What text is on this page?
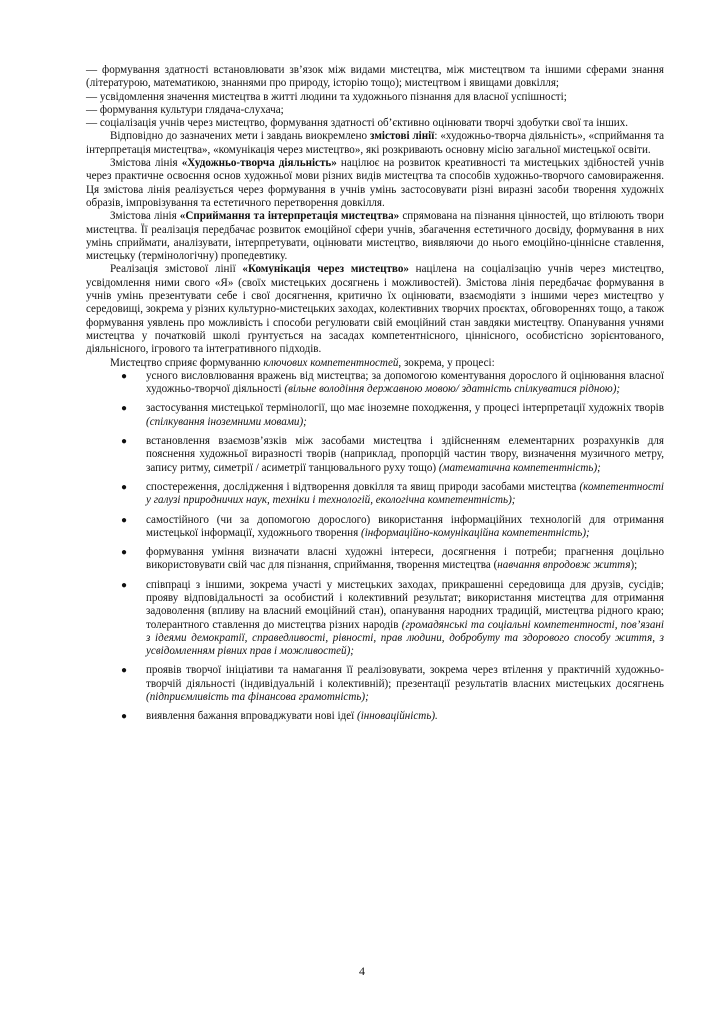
— формування здатності встановлювати зв’язок між видами мистецтва, між мистецтвом та іншими сферами знання (літературою, математикою, знаннями про природу, історію тощо); мистецтвом і явищами довкілля;

— усвідомлення значення мистецтва в житті людини та художнього пізнання для власної успішності;

— формування культури глядача-слухача;

— соціалізація учнів через мистецтво, формування здатності об’єктивно оцінювати творчі здобутки свої та інших.

Відповідно до зазначених мети і завдань виокремлено змістові лінії: «художньо-творча діяльність», «сприймання та інтерпретація мистецтва», «комунікація через мистецтво», які розкривають основну місію загальної мистецької освіти.

Змістова лінія «Художньо-творча діяльність» націлює на розвиток креативності та мистецьких здібностей учнів через практичне освоєння основ художньої мови різних видів мистецтва та способів художньо-творчого самовираження. Ця змістова лінія реалізується через формування в учнів умінь застосовувати різні виразні засоби творення художніх образів, імпровізування та естетичного перетворення довкілля.

Змістова лінія «Сприймання та інтерпретація мистецтва» спрямована на пізнання цінностей, що втілюють твори мистецтва. Її реалізація передбачає розвиток емоційної сфери учнів, збагачення естетичного досвіду, формування в них умінь сприймати, аналізувати, інтерпретувати, оцінювати мистецтво, виявляючи до нього емоційно-ціннісне ставлення, мистецьку (термінологічну) пропедевтику.

Реалізація змістової лінії «Комунікація через мистецтво» націлена на соціалізацію учнів через мистецтво, усвідомлення ними свого «Я» (своїх мистецьких досягнень і можливостей). Змістова лінія передбачає формування в учнів умінь презентувати себе і свої досягнення, критично їх оцінювати, взаємодіяти з іншими через мистецтво у середовищі, зокрема у різних культурно-мистецьких заходах, колективних творчих проєктах, обговореннях тощо, а також формування уявлень про можливість і способи регулювати свій емоційний стан завдяки мистецтву. Опанування учнями мистецтва у початковій школі ґрунтується на засадах компетентнісного, ціннісного, особистісно зорієнтованого, діяльнісного, ігрового та інтегративного підходів.

Мистецтво сприяє формуванню ключових компетентностей, зокрема, у процесі:

● усного висловлювання вражень від мистецтва; за допомогою коментування дорослого й оцінювання власної художньо-творчої діяльності (вільне володіння державною мовою/ здатність спілкуватися рідною);
● застосування мистецької термінології, що має іноземне походження, у процесі інтерпретації художніх творів (спілкування іноземними мовами);
● встановлення взаємозв’язків між засобами мистецтва і здійсненням елементарних розрахунків для пояснення художньої виразності творів (наприклад, пропорцій частин твору, визначення музичного метру, запису ритму, симетрії / асиметрії танцювального руху тощо) (математична компетентність);
● спостереження, дослідження і відтворення довкілля та явищ природи засобами мистецтва (компетентності у галузі природничих наук, техніки і технологій, екологічна компетентність);
● самостійного (чи за допомогою дорослого) використання інформаційних технологій для отримання мистецької інформації, художнього творення (інформаційно-комунікаційна компетентність);
● формування уміння визначати власні художні інтереси, досягнення і потреби; прагнення доцільно використовувати свій час для пізнання, сприймання, творення мистецтва (навчання впродовж життя);
● співпраці з іншими, зокрема участі у мистецьких заходах, прикрашенні середовища для друзів, сусідів; прояву відповідальності за особистий і колективний результат; використання мистецтва для отримання задоволення (впливу на власний емоційний стан), опанування народних традицій, мистецтва рідного краю; толерантного ставлення до мистецтва різних народів (громадянські та соціальні компетентності, пов’язані з ідеями демократії, справедливості, рівності, прав людини, добробуту та здорового способу життя, з усвідомленням рівних прав і можливостей);
● проявів творчої ініціативи та намагання її реалізовувати, зокрема через втілення у практичній художньо-творчій діяльності (індивідуальній і колективній); презентації результатів власних мистецьких досягнень (підприємливість та фінансова грамотність);
● виявлення бажання впроваджувати нові ідеї (інноваційність).
4
